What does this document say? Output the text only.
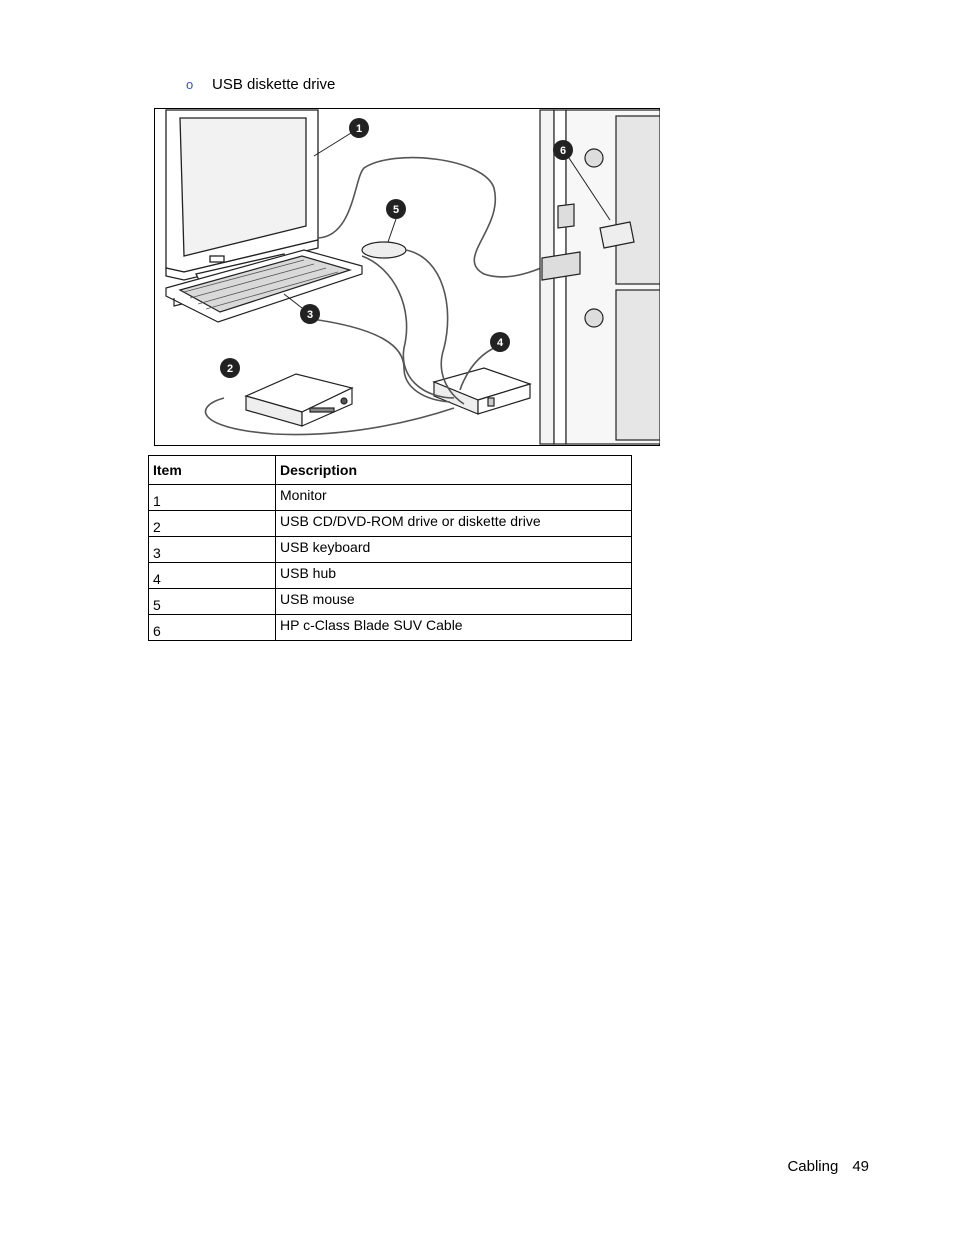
o	USB diskette drive
1
2
3
4
5
6
Item	Description
1	Monitor
2	USB CD/DVD-ROM drive or diskette drive
3	USB keyboard
4	USB hub
5	USB mouse
6	HP c-Class Blade SUV Cable
Cabling 49
